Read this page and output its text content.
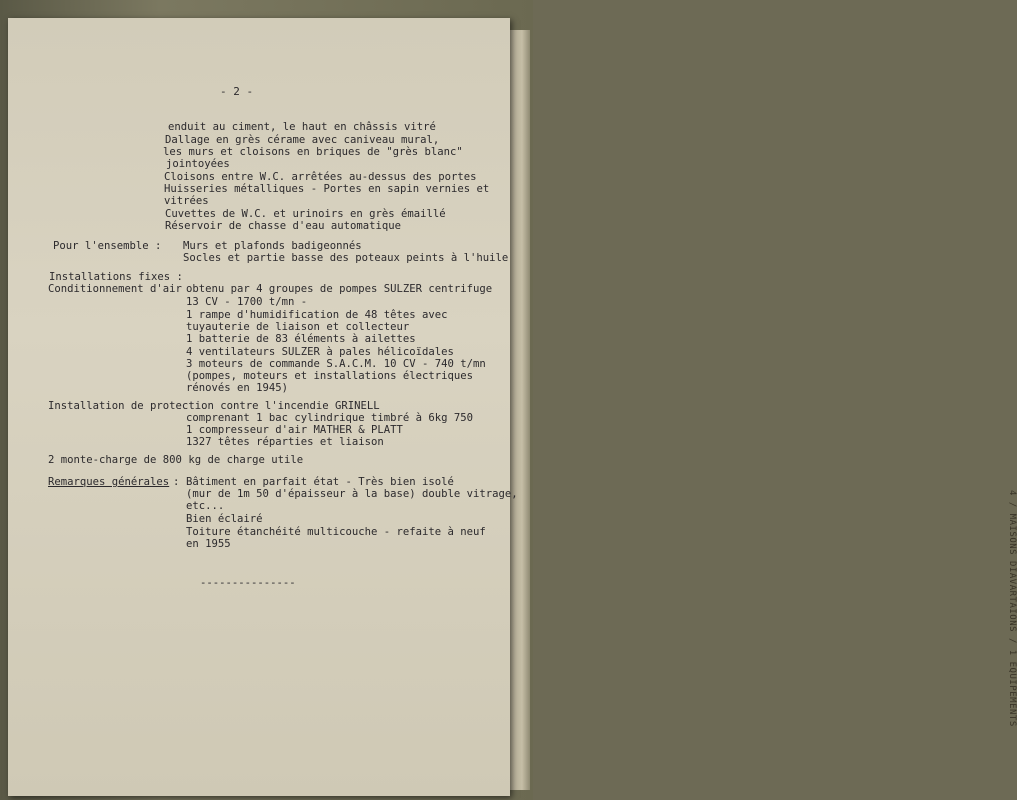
4 / MAISONS DIAVARTAIONS / 1 EQUIPEMENTS
- 2 -
enduit au ciment, le haut en châssis vitré
Dallage en grès cérame avec caniveau mural,
les murs et cloisons en briques de "grès blanc"
jointoyées
Cloisons entre W.C. arrêtées au-dessus des portes
Huisseries métalliques - Portes en sapin vernies et
vitrées
Cuvettes de W.C. et urinoirs en grès émaillé
Réservoir de chasse d'eau automatique
Pour l'ensemble : Murs et plafonds badigeonnés
Socles et partie basse des poteaux peints à l'huile
Installations fixes :
Conditionnement d'air obtenu par 4 groupes de pompes SULZER centrifuge
13 CV - 1700 t/mn -
1 rampe d'humidification de 48 têtes avec
tuyauterie de liaison et collecteur
1 batterie de 83 éléments à ailettes
4 ventilateurs SULZER à pales hélicoïdales
3 moteurs de commande S.A.C.M. 10 CV - 740 t/mn
(pompes, moteurs et installations électriques
rénovés en 1945)
Installation de protection contre l'incendie GRINELL
comprenant 1 bac cylindrique timbré à 6kg 750
1 compresseur d'air MATHER & PLATT
1327 têtes réparties et liaison
2 monte-charge de 800 kg de charge utile
Remarques générales : Bâtiment en parfait état - Très bien isolé
(mur de 1m 50 d'épaisseur à la base) double vitrage,
etc...
Bien éclairé
Toiture étanchéité multicouche - refaite à neuf
en 1955
---------------
